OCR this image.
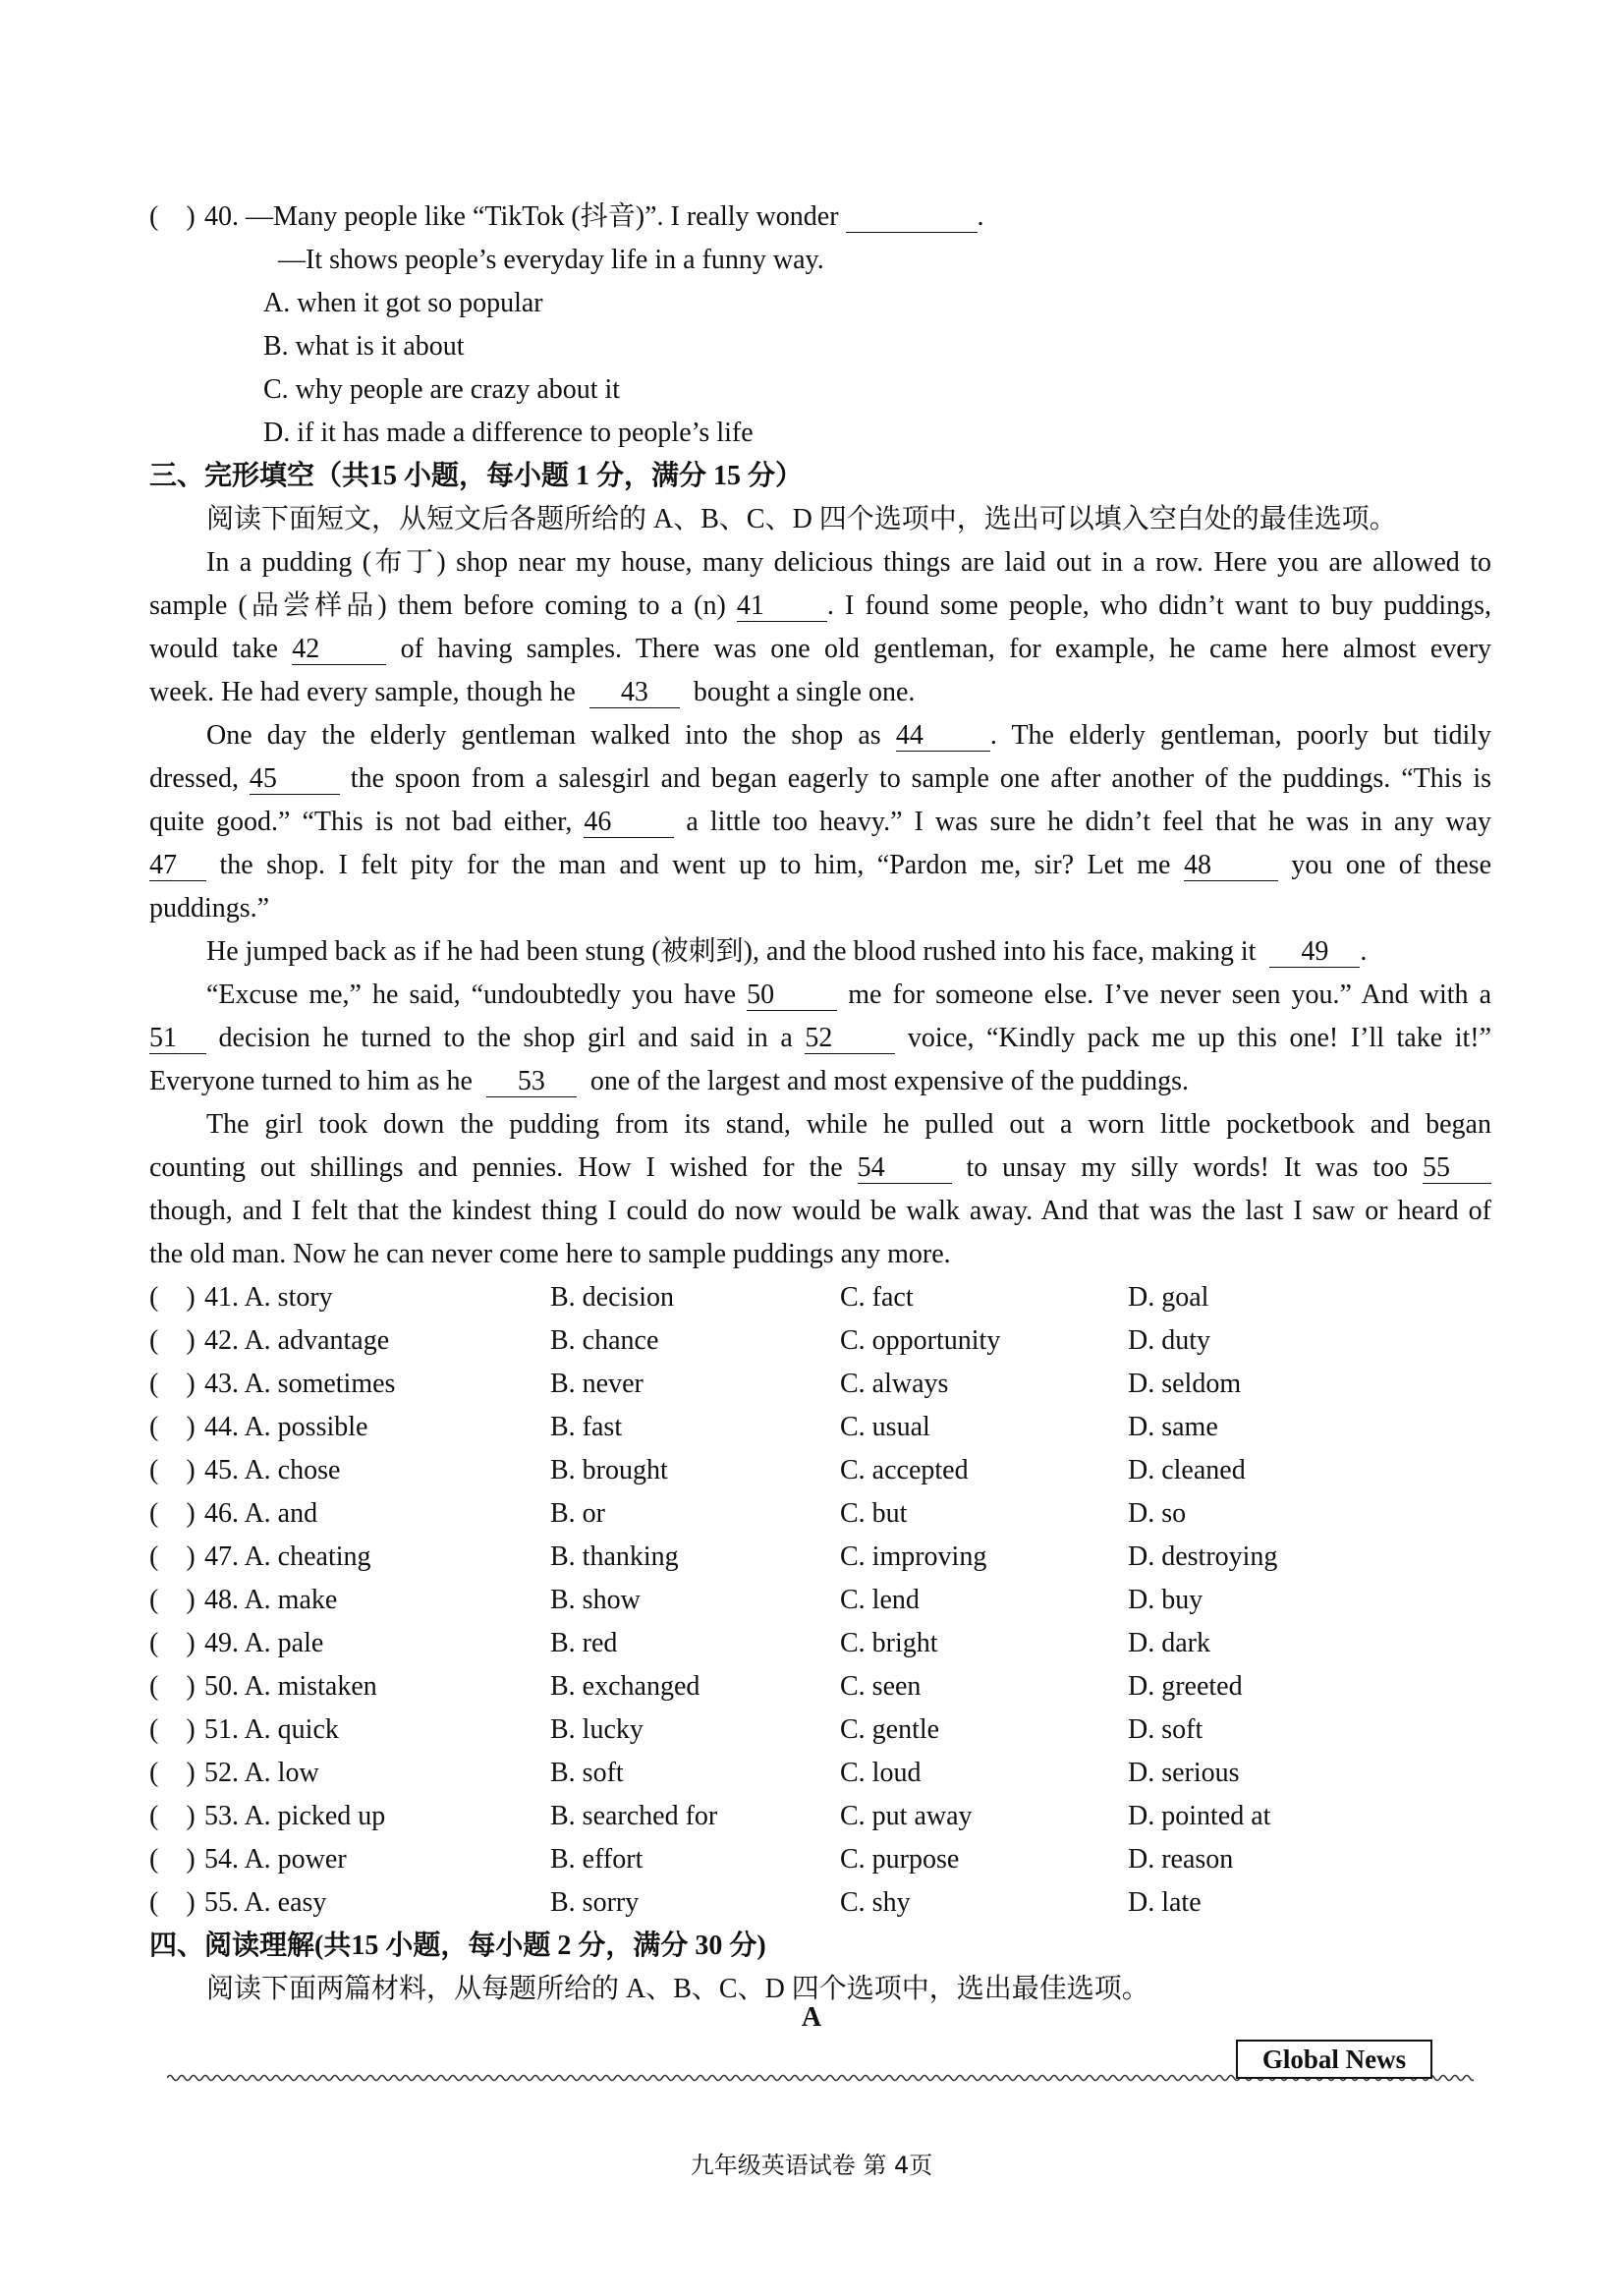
(　) 40. —Many people like “TikTok (抖音)”. I really wonder	.
—It shows people’s everyday life in a funny way.
A. when it got so popular
B. what is it about
C. why people are crazy about it
D. if it has made a difference to people’s life
三、完形填空（共15 小题，每小题 1 分，满分 15 分）
阅读下面短文，从短文后各题所给的 A、B、C、D 四个选项中，选出可以填入空白处的最佳选项。
In a pudding (布丁) shop near my house, many delicious things are laid out in a row. Here you are allowed to
sample (品尝样品) them before coming to a (n) 41 . I found some people, who didn’t want to buy puddings,
would take 42	of having samples. There was one old gentleman, for example, he came here almost every
week. He had every sample, though he 43 bought a single one.
One day the elderly gentleman walked into the shop as 44 . The elderly gentleman, poorly but tidily
dressed, 45	the spoon from a salesgirl and began eagerly to sample one after another of the puddings. “This is
quite good.” “This is not bad either, 46	a little too heavy.” I was sure he didn’t feel that he was in any way
47 the shop. I felt pity for the man and went up to him, “Pardon me, sir? Let me 48	you one of these
puddings.”
He jumped back as if he had been stung (被刺到), and the blood rushed into his face, making it 49 .
“Excuse me,” he said, “undoubtedly you have 50	me for someone else. I’ve never seen you.” And with a
51 decision he turned to the shop girl and said in a 52	voice, “Kindly pack me up this one! I’ll take it!”
Everyone turned to him as he 53 one of the largest and most expensive of the puddings.
The girl took down the pudding from its stand, while he pulled out a worn little pocketbook and began
counting out shillings and pennies. How I wished for the 54	to unsay my silly words! It was too 55
though, and I felt that the kindest thing I could do now would be walk away. And that was the last I saw or heard of
the old man. Now he can never come here to sample puddings any more.
(　) 41. A. story	B. decision	C. fact	D. goal
(　) 42. A. advantage	B. chance	C. opportunity	D. duty
(　) 43. A. sometimes	B. never	C. always	D. seldom
(　) 44. A. possible	B. fast	C. usual	D. same
(　) 45. A. chose	B. brought	C. accepted	D. cleaned
(　) 46. A. and	B. or	C. but	D. so
(　) 47. A. cheating	B. thanking	C. improving	D. destroying
(　) 48. A. make	B. show	C. lend	D. buy
(　) 49. A. pale	B. red	C. bright	D. dark
(　) 50. A. mistaken	B. exchanged	C. seen	D. greeted
(　) 51. A. quick	B. lucky	C. gentle	D. soft
(　) 52. A. low	B. soft	C. loud	D. serious
(　) 53. A. picked up	B. searched for	C. put away	D. pointed at
(　) 54. A. power	B. effort	C. purpose	D. reason
(　) 55. A. easy	B. sorry	C. shy	D. late
四、阅读理解(共15 小题，每小题 2 分，满分 30 分)
阅读下面两篇材料，从每题所给的 A、B、C、D 四个选项中，选出最佳选项。
A
Global News
九年级英语试卷 第 4页
